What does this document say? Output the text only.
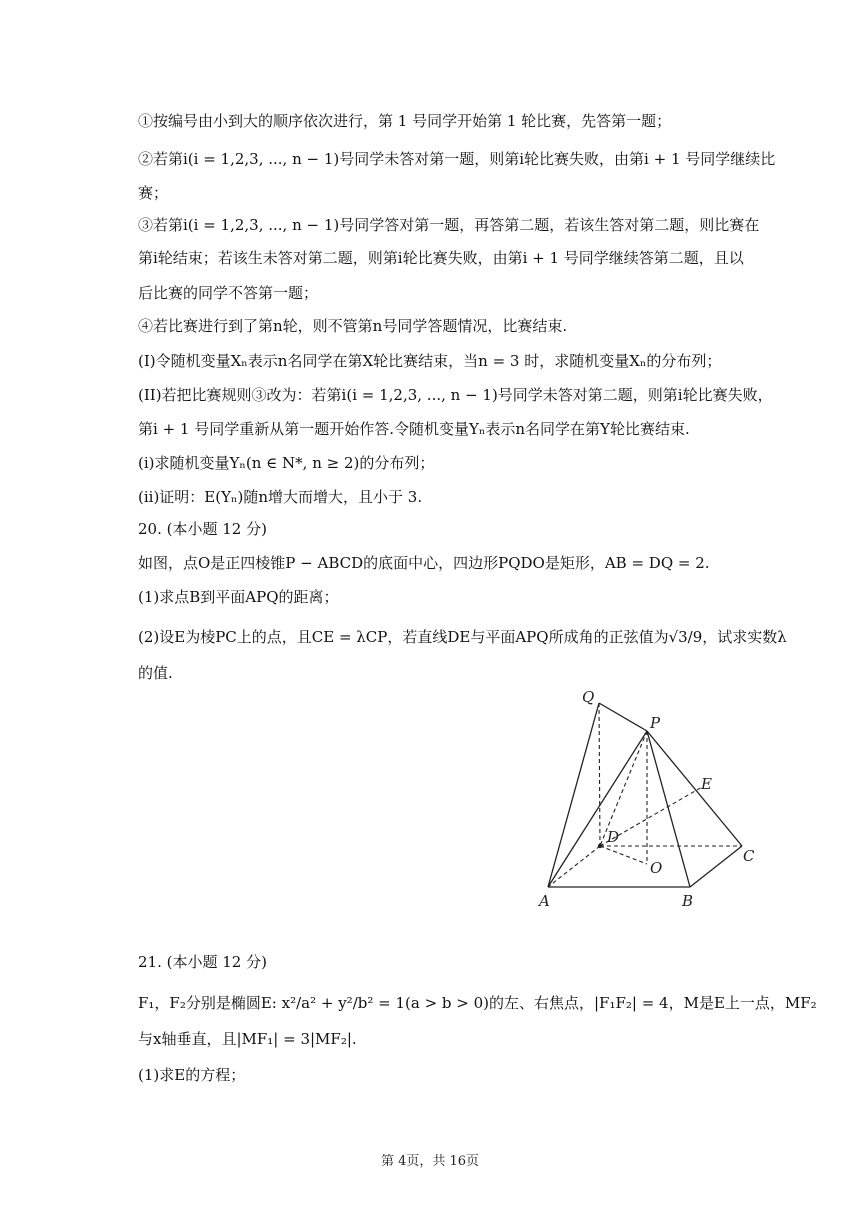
①按编号由小到大的顺序依次进行，第 1 号同学开始第 1 轮比赛，先答第一题；
②若第i(i = 1,2,3, ..., n − 1)号同学未答对第一题，则第i轮比赛失败，由第i + 1 号同学继续比
赛；
③若第i(i = 1,2,3, ..., n − 1)号同学答对第一题，再答第二题，若该生答对第二题，则比赛在
第i轮结束；若该生未答对第二题，则第i轮比赛失败，由第i + 1 号同学继续答第二题，且以
后比赛的同学不答第一题；
④若比赛进行到了第n轮，则不管第n号同学答题情况，比赛结束.
(I)令随机变量Xₙ表示n名同学在第X轮比赛结束，当n = 3 时，求随机变量Xₙ的分布列；
(II)若把比赛规则③改为：若第i(i = 1,2,3, ..., n − 1)号同学未答对第二题，则第i轮比赛失败，
第i + 1 号同学重新从第一题开始作答.令随机变量Yₙ表示n名同学在第Y轮比赛结束.
(i)求随机变量Yₙ(n ∈ N*, n ≥ 2)的分布列；
(ii)证明：E(Yₙ)随n增大而增大，且小于 3.
20. (本小题 12 分)
如图，点O是正四棱锥P − ABCD的底面中心，四边形PQDO是矩形，AB = DQ = 2.
(1)求点B到平面APQ的距离；
(2)设E为棱PC上的点，且CE = λCP，若直线DE与平面APQ所成角的正弦值为√3/9，试求实数λ
的值.
Q
P
E
D
C
O
A	B
21. (本小题 12 分)
F₁，F₂分别是椭圆E: x²/a² + y²/b² = 1(a > b > 0)的左、右焦点，|F₁F₂| = 4，M是E上一点，MF₂
与x轴垂直，且|MF₁| = 3|MF₂|.
(1)求E的方程；
第 4页，共 16页
